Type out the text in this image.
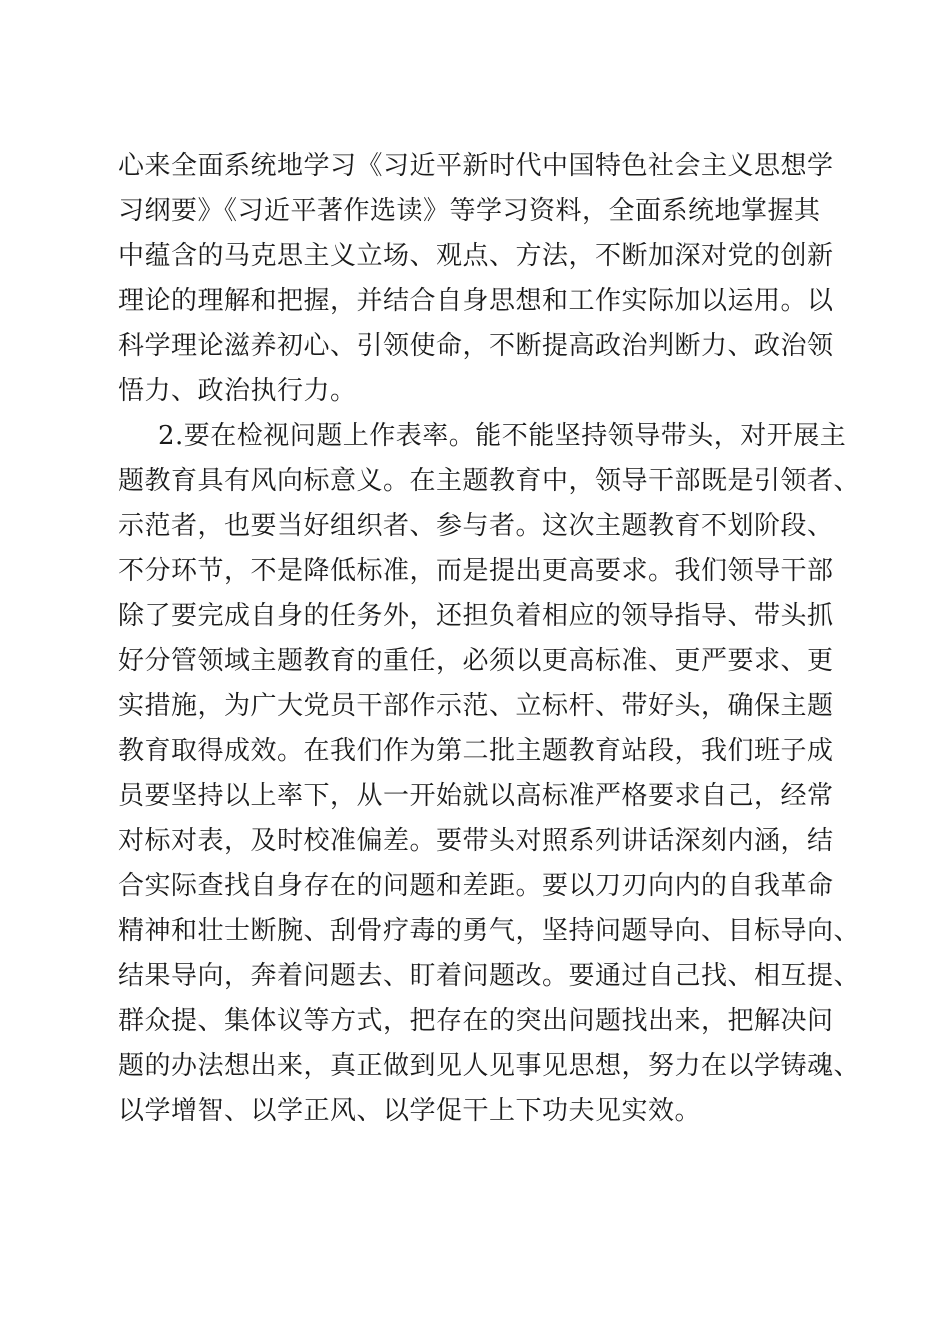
心来全面系统地学习《习近平新时代中国特色社会主义思想学
习纲要》《习近平著作选读》等学习资料，全面系统地掌握其
中蕴含的马克思主义立场、观点、方法，不断加深对党的创新
理论的理解和把握，并结合自身思想和工作实际加以运用。以
科学理论滋养初心、引领使命，不断提高政治判断力、政治领
悟力、政治执行力。
2.要在检视问题上作表率。能不能坚持领导带头，对开展主
题教育具有风向标意义。在主题教育中，领导干部既是引领者、
示范者，也要当好组织者、参与者。这次主题教育不划阶段、
不分环节，不是降低标准，而是提出更高要求。我们领导干部
除了要完成自身的任务外，还担负着相应的领导指导、带头抓
好分管领域主题教育的重任，必须以更高标准、更严要求、更
实措施，为广大党员干部作示范、立标杆、带好头，确保主题
教育取得成效。在我们作为第二批主题教育站段，我们班子成
员要坚持以上率下，从一开始就以高标准严格要求自己，经常
对标对表，及时校准偏差。要带头对照系列讲话深刻内涵，结
合实际查找自身存在的问题和差距。要以刀刃向内的自我革命
精神和壮士断腕、刮骨疗毒的勇气，坚持问题导向、目标导向、
结果导向，奔着问题去、盯着问题改。要通过自己找、相互提、
群众提、集体议等方式，把存在的突出问题找出来，把解决问
题的办法想出来，真正做到见人见事见思想，努力在以学铸魂、
以学增智、以学正风、以学促干上下功夫见实效。
